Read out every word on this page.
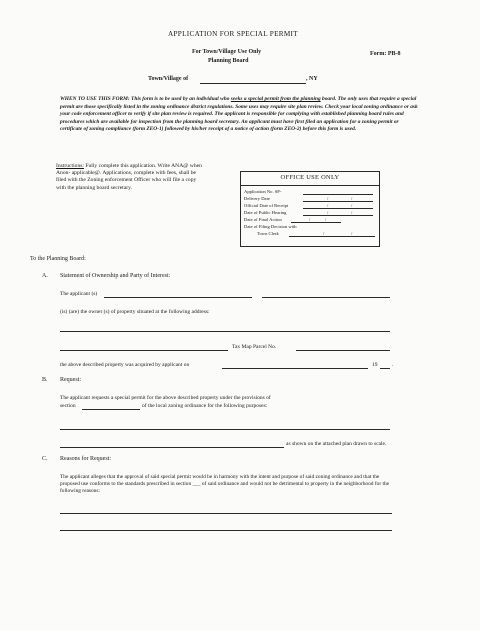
APPLICATION FOR SPECIAL PERMIT
For Town/Village Use Only
Planning Board
Form: PB-8
Town/Village of	, NY
WHEN TO USE THIS FORM: This form is to be used by an individual who seeks a special permit from the planning board. The only uses that require a special permit are those specifically listed in the zoning ordinance district regulations. Some uses may require site plan review. Check your local zoning ordinance or ask your code enforcement officer to verify if site plan review is required. The applicant is responsible for complying with established planning board rules and procedures which are available for inspection from the planning board secretary. An applicant must have first filed an application for a zoning permit or certificate of zoning compliance (form ZEO-1) followed by his/her receipt of a notice of action (form ZEO-2) before this form is used.
Instructions: Fully complete this application. Write ANA@ when Anon- applicable@. Applications, complete with fees, shall be filed with the Zoning enforcement Officer who will file a copy with the planning board secretary.
OFFICE USE ONLY
Application No. SP-
Delivery Date	/	/
Official Date of Receipt	/	/
Date of Public Hearing	/	/
Date of Final Action	/	/
Date of Filing Decision with
Town Clerk	/	/
To the Planning Board:
A. Statement of Ownership and Party of Interest:
The applicant (s)
(is) (are) the owner (s) of property situated at the following address:
Tax Map Parcel No.
the above described property was acquired by applicant on	19	.
B. Request:
The applicant requests a special permit for the above described property under the provisions of
section	of the local zoning ordinance for the following purposes:
as shown on the attached plan drawn to scale.
C. Reasons for Request:
The applicant alleges that the approval of said special permit would be in harmony with the intent and purpose of said zoning ordinance and that the proposed use conforms to the standards prescribed in section ___ of said ordinance and would not be detrimental to property in the neighborhood for the following reasons:
